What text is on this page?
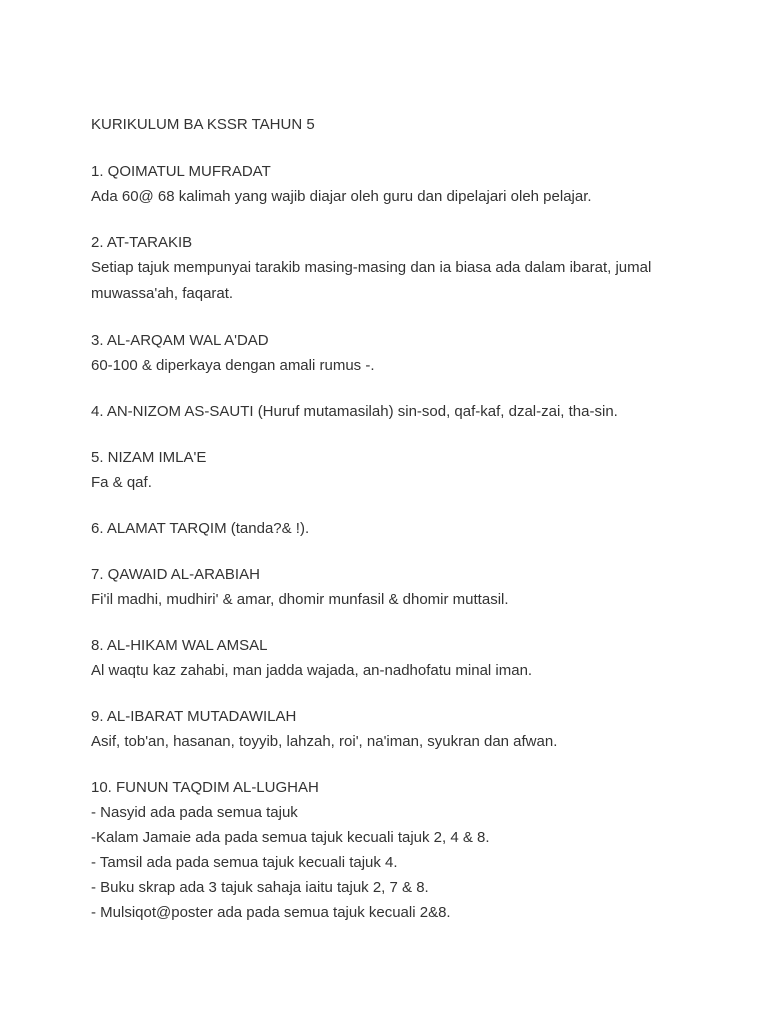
KURIKULUM BA KSSR TAHUN 5
1. QOIMATUL MUFRADAT
Ada 60@ 68 kalimah yang wajib diajar oleh guru dan dipelajari oleh pelajar.
2. AT-TARAKIB
Setiap tajuk mempunyai tarakib masing-masing dan ia biasa ada dalam ibarat, jumal muwassa'ah, faqarat.
3. AL-ARQAM WAL A'DAD
60-100 & diperkaya dengan amali rumus -.
4. AN-NIZOM AS-SAUTI (Huruf mutamasilah) sin-sod, qaf-kaf, dzal-zai, tha-sin.
5. NIZAM IMLA'E
Fa & qaf.
6. ALAMAT TARQIM (tanda?& !).
7. QAWAID AL-ARABIAH
Fi'il madhi, mudhiri' & amar, dhomir munfasil & dhomir muttasil.
8. AL-HIKAM WAL AMSAL
Al waqtu kaz zahabi, man jadda wajada, an-nadhofatu minal iman.
9. AL-IBARAT MUTADAWILAH
Asif, tob'an, hasanan, toyyib, lahzah, roi', na'iman, syukran dan afwan.
10. FUNUN TAQDIM AL-LUGHAH
- Nasyid ada pada semua tajuk
-Kalam Jamaie ada pada semua tajuk kecuali tajuk 2, 4 & 8.
- Tamsil ada pada semua tajuk kecuali tajuk 4.
- Buku skrap ada 3 tajuk sahaja iaitu tajuk 2, 7 & 8.
- Mulsiqot@poster ada pada semua tajuk kecuali 2&8.
